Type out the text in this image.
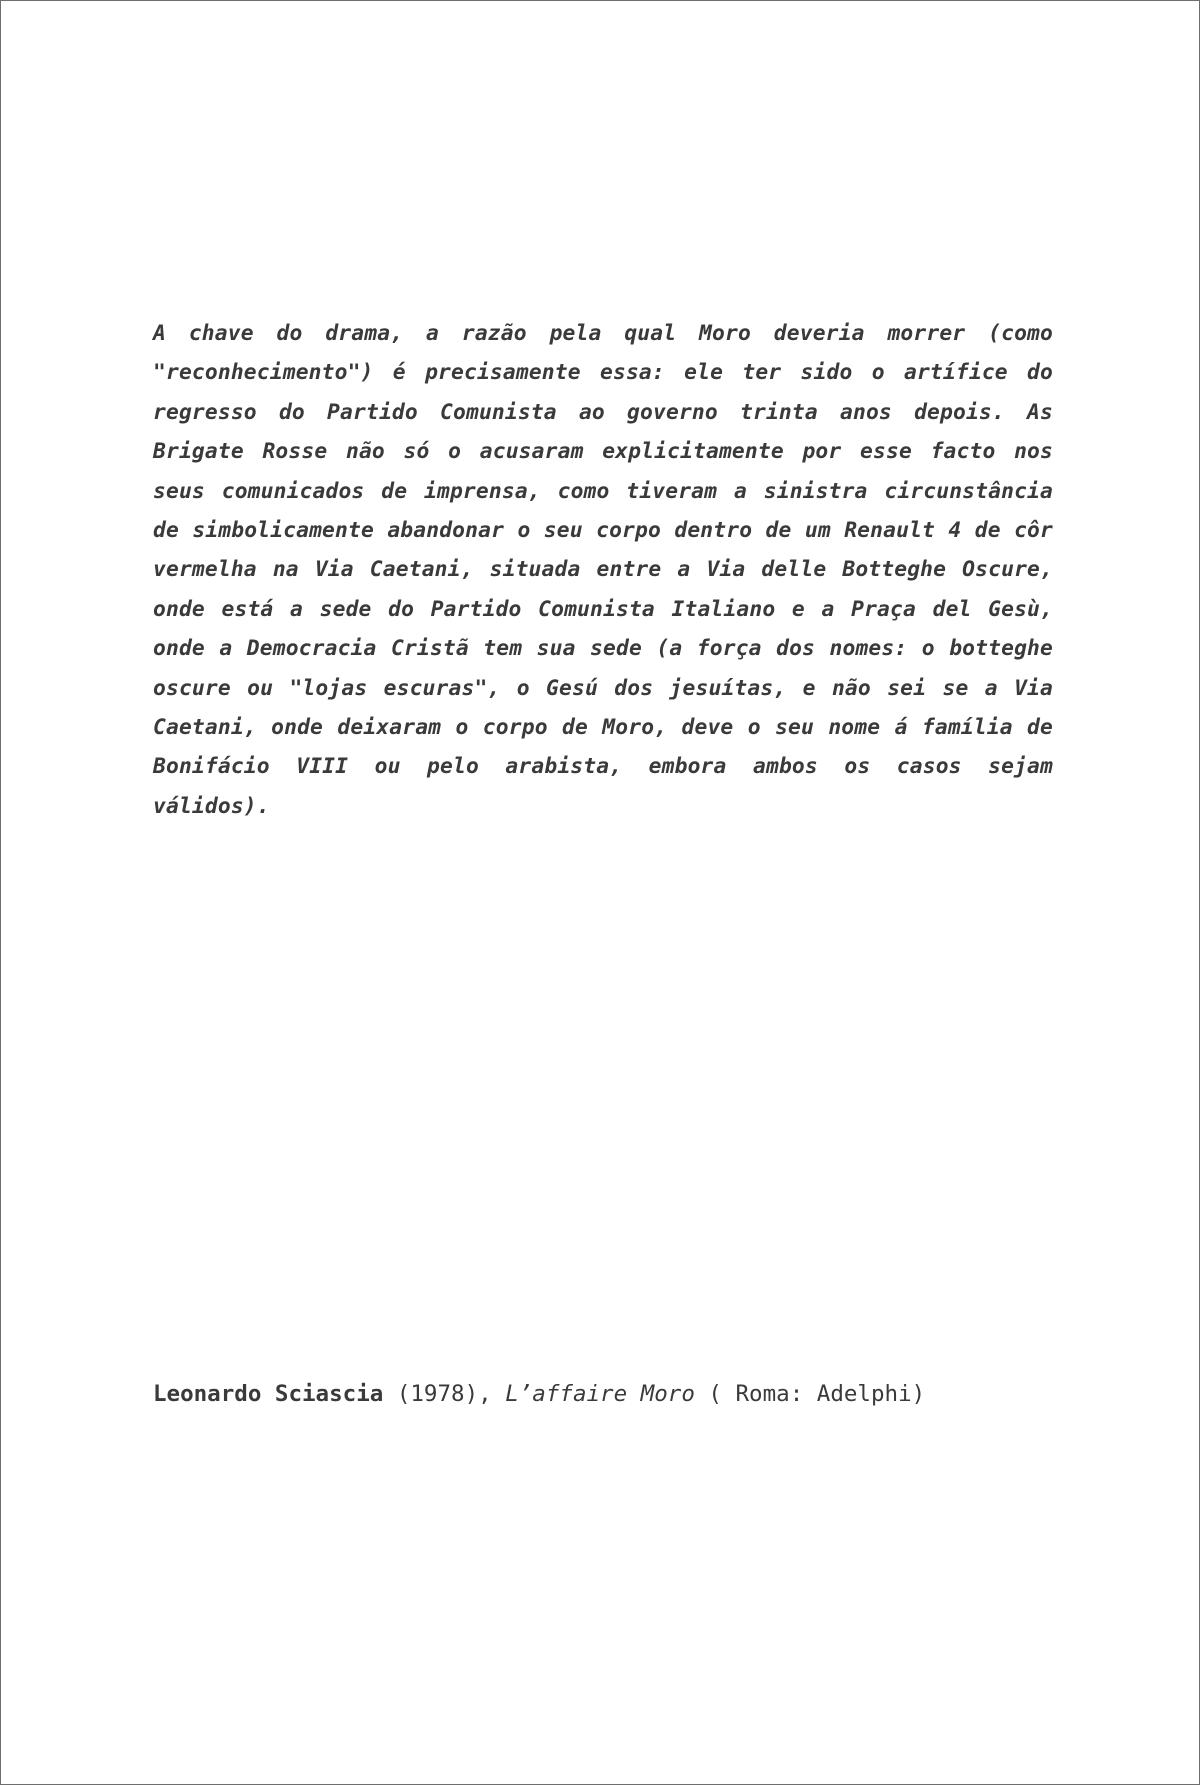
A chave do drama, a razão pela qual Moro deveria morrer (como "reconhecimento") é precisamente essa: ele ter sido o artífice do regresso do Partido Comunista ao governo trinta anos depois. As Brigate Rosse não só o acusaram explicitamente por esse facto nos seus comunicados de imprensa, como tiveram a sinistra circunstância de simbolicamente abandonar o seu corpo dentro de um Renault 4 de côr vermelha na Via Caetani, situada entre a Via delle Botteghe Oscure, onde está a sede do Partido Comunista Italiano e a Praça del Gesù, onde a Democracia Cristã tem sua sede (a força dos nomes: o botteghe oscure ou "lojas escuras", o Gesú dos jesuítas, e não sei se a Via Caetani, onde deixaram o corpo de Moro, deve o seu nome á família de Bonifácio VIII ou pelo arabista, embora ambos os casos sejam válidos).

Leonardo Sciascia (1978), L’affaire Moro ( Roma: Adelphi)
